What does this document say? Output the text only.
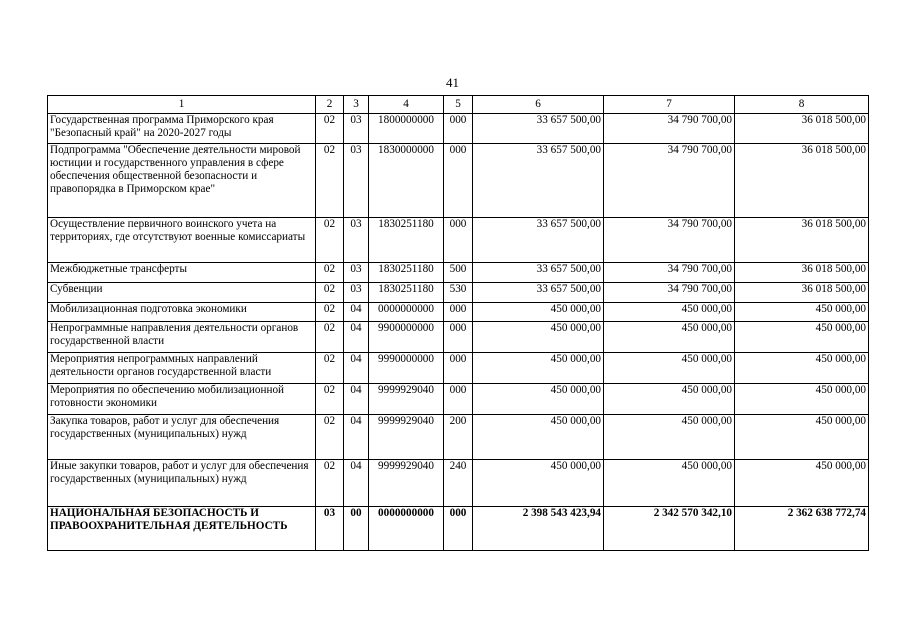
41
1	2	3	4	5	6	7	8
Государственная программа Приморского края "Безопасный край" на 2020-2027 годы	02	03	1800000000	000	33 657 500,00	34 790 700,00	36 018 500,00
Подпрограмма "Обеспечение деятельности мировой юстиции и государственного управления в сфере обеспечения общественной безопасности и правопорядка в Приморском крае"	02	03	1830000000	000	33 657 500,00	34 790 700,00	36 018 500,00
Осуществление первичного воинского учета на территориях, где отсутствуют военные комиссариаты	02	03	1830251180	000	33 657 500,00	34 790 700,00	36 018 500,00
Межбюджетные трансферты	02	03	1830251180	500	33 657 500,00	34 790 700,00	36 018 500,00
Субвенции	02	03	1830251180	530	33 657 500,00	34 790 700,00	36 018 500,00
Мобилизационная подготовка экономики	02	04	0000000000	000	450 000,00	450 000,00	450 000,00
Непрограммные направления деятельности органов государственной власти	02	04	9900000000	000	450 000,00	450 000,00	450 000,00
Мероприятия непрограммных направлений деятельности органов государственной власти	02	04	9990000000	000	450 000,00	450 000,00	450 000,00
Мероприятия по обеспечению мобилизационной готовности экономики	02	04	9999929040	000	450 000,00	450 000,00	450 000,00
Закупка товаров, работ и услуг для обеспечения государственных (муниципальных) нужд	02	04	9999929040	200	450 000,00	450 000,00	450 000,00
Иные закупки товаров, работ и услуг для обеспечения государственных (муниципальных) нужд	02	04	9999929040	240	450 000,00	450 000,00	450 000,00
НАЦИОНАЛЬНАЯ БЕЗОПАСНОСТЬ И ПРАВООХРАНИТЕЛЬНАЯ ДЕЯТЕЛЬНОСТЬ	03	00	0000000000	000	2 398 543 423,94	2 342 570 342,10	2 362 638 772,74
